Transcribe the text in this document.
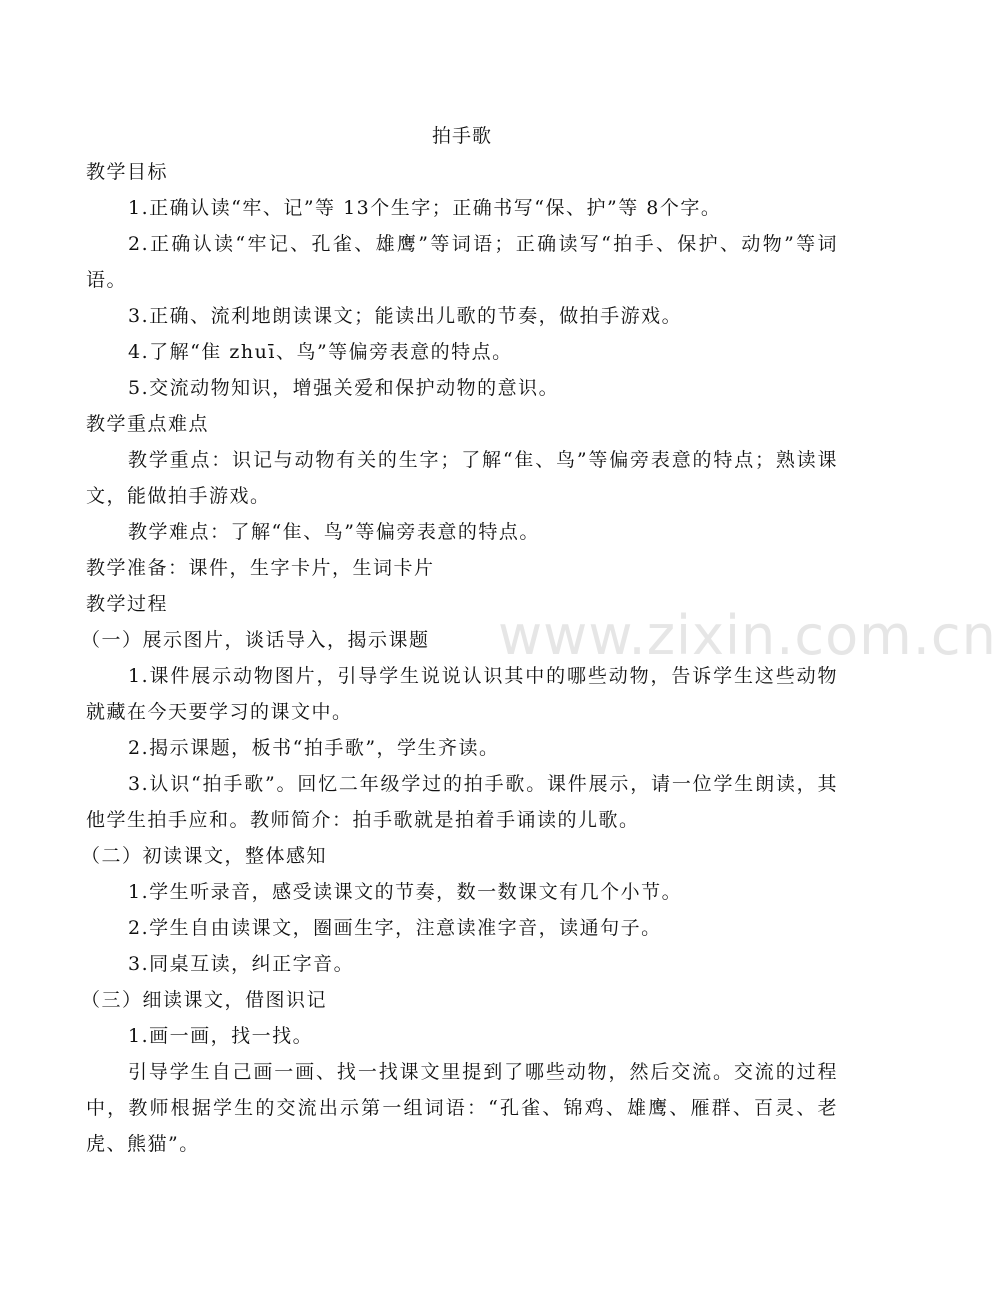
www.zixin.com.cn
拍手歌

教学目标

1.正确认读“牢、记”等 13个生字；正确书写“保、护”等 8个字。

2.正确认读“牢记、孔雀、雄鹰”等词语；正确读写“拍手、保护、动物”等词语。

3.正确、流利地朗读课文；能读出儿歌的节奏，做拍手游戏。

4.了解“隹 zhuī、鸟”等偏旁表意的特点。

5.交流动物知识，增强关爱和保护动物的意识。

教学重点难点

教学重点：识记与动物有关的生字；了解“隹、鸟”等偏旁表意的特点；熟读课文，能做拍手游戏。

教学难点：了解“隹、鸟”等偏旁表意的特点。

教学准备：课件，生字卡片，生词卡片

教学过程

（一）展示图片，谈话导入，揭示课题

1.课件展示动物图片，引导学生说说认识其中的哪些动物，告诉学生这些动物就藏在今天要学习的课文中。

2.揭示课题，板书“拍手歌”，学生齐读。

3.认识“拍手歌”。回忆二年级学过的拍手歌。课件展示，请一位学生朗读，其他学生拍手应和。教师简介：拍手歌就是拍着手诵读的儿歌。

（二）初读课文，整体感知

1.学生听录音，感受读课文的节奏，数一数课文有几个小节。

2.学生自由读课文，圈画生字，注意读准字音，读通句子。

3.同桌互读，纠正字音。

（三）细读课文，借图识记

1.画一画，找一找。

引导学生自己画一画、找一找课文里提到了哪些动物，然后交流。交流的过程中，教师根据学生的交流出示第一组词语：“孔雀、锦鸡、雄鹰、雁群、百灵、老虎、熊猫”。
